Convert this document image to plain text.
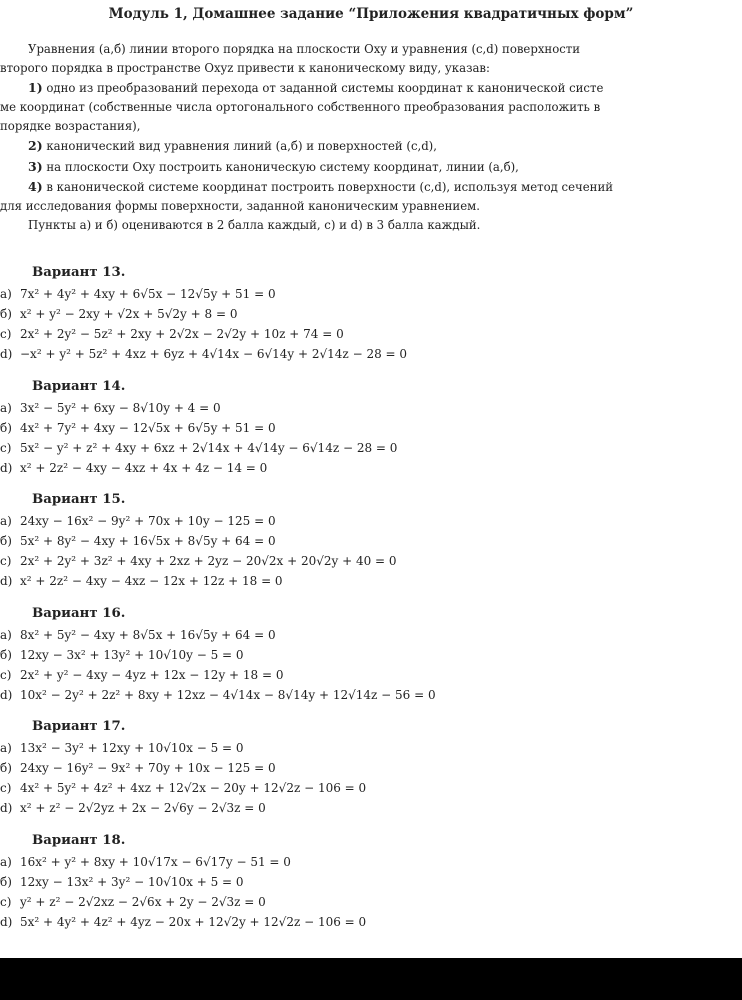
Модуль 1, Домашнее задание “Приложения квадратичных форм”
Уравнения (a,б) линии второго порядка на плоскости Oxy и уравнения (c,d) поверхности
второго порядка в пространстве Oxyz привести к каноническому виду, указав:
1) одно из преобразований перехода от заданной системы координат к канонической систе
ме координат (собственные числа ортогонального собственного преобразования расположить в
порядке возрастания),
2) канонический вид уравнения линий (a,б) и поверхностей (c,d),
3) на плоскости Oxy построить каноническую систему координат, линии (a,б),
4) в канонической системе координат построить поверхности (c,d), используя метод сечений
для исследования формы поверхности, заданной каноническим уравнением.
Пункты a) и б) оцениваются в 2 балла каждый, c) и d) в 3 балла каждый.
Вариант 13.
a) 7x² + 4y² + 4xy + 6√5x − 12√5y + 51 = 0
б) x² + y² − 2xy + √2x + 5√2y + 8 = 0
c) 2x² + 2y² − 5z² + 2xy + 2√2x − 2√2y + 10z + 74 = 0
d) −x² + y² + 5z² + 4xz + 6yz + 4√14x − 6√14y + 2√14z − 28 = 0
Вариант 14.
a) 3x² − 5y² + 6xy − 8√10y + 4 = 0
б) 4x² + 7y² + 4xy − 12√5x + 6√5y + 51 = 0
c) 5x² − y² + z² + 4xy + 6xz + 2√14x + 4√14y − 6√14z − 28 = 0
d) x² + 2z² − 4xy − 4xz + 4x + 4z − 14 = 0
Вариант 15.
a) 24xy − 16x² − 9y² + 70x + 10y − 125 = 0
б) 5x² + 8y² − 4xy + 16√5x + 8√5y + 64 = 0
c) 2x² + 2y² + 3z² + 4xy + 2xz + 2yz − 20√2x + 20√2y + 40 = 0
d) x² + 2z² − 4xy − 4xz − 12x + 12z + 18 = 0
Вариант 16.
a) 8x² + 5y² − 4xy + 8√5x + 16√5y + 64 = 0
б) 12xy − 3x² + 13y² + 10√10y − 5 = 0
c) 2x² + y² − 4xy − 4yz + 12x − 12y + 18 = 0
d) 10x² − 2y² + 2z² + 8xy + 12xz − 4√14x − 8√14y + 12√14z − 56 = 0
Вариант 17.
a) 13x² − 3y² + 12xy + 10√10x − 5 = 0
б) 24xy − 16y² − 9x² + 70y + 10x − 125 = 0
c) 4x² + 5y² + 4z² + 4xz + 12√2x − 20y + 12√2z − 106 = 0
d) x² + z² − 2√2yz + 2x − 2√6y − 2√3z = 0
Вариант 18.
a) 16x² + y² + 8xy + 10√17x − 6√17y − 51 = 0
б) 12xy − 13x² + 3y² − 10√10x + 5 = 0
c) y² + z² − 2√2xz − 2√6x + 2y − 2√3z = 0
d) 5x² + 4y² + 4z² + 4yz − 20x + 12√2y + 12√2z − 106 = 0
